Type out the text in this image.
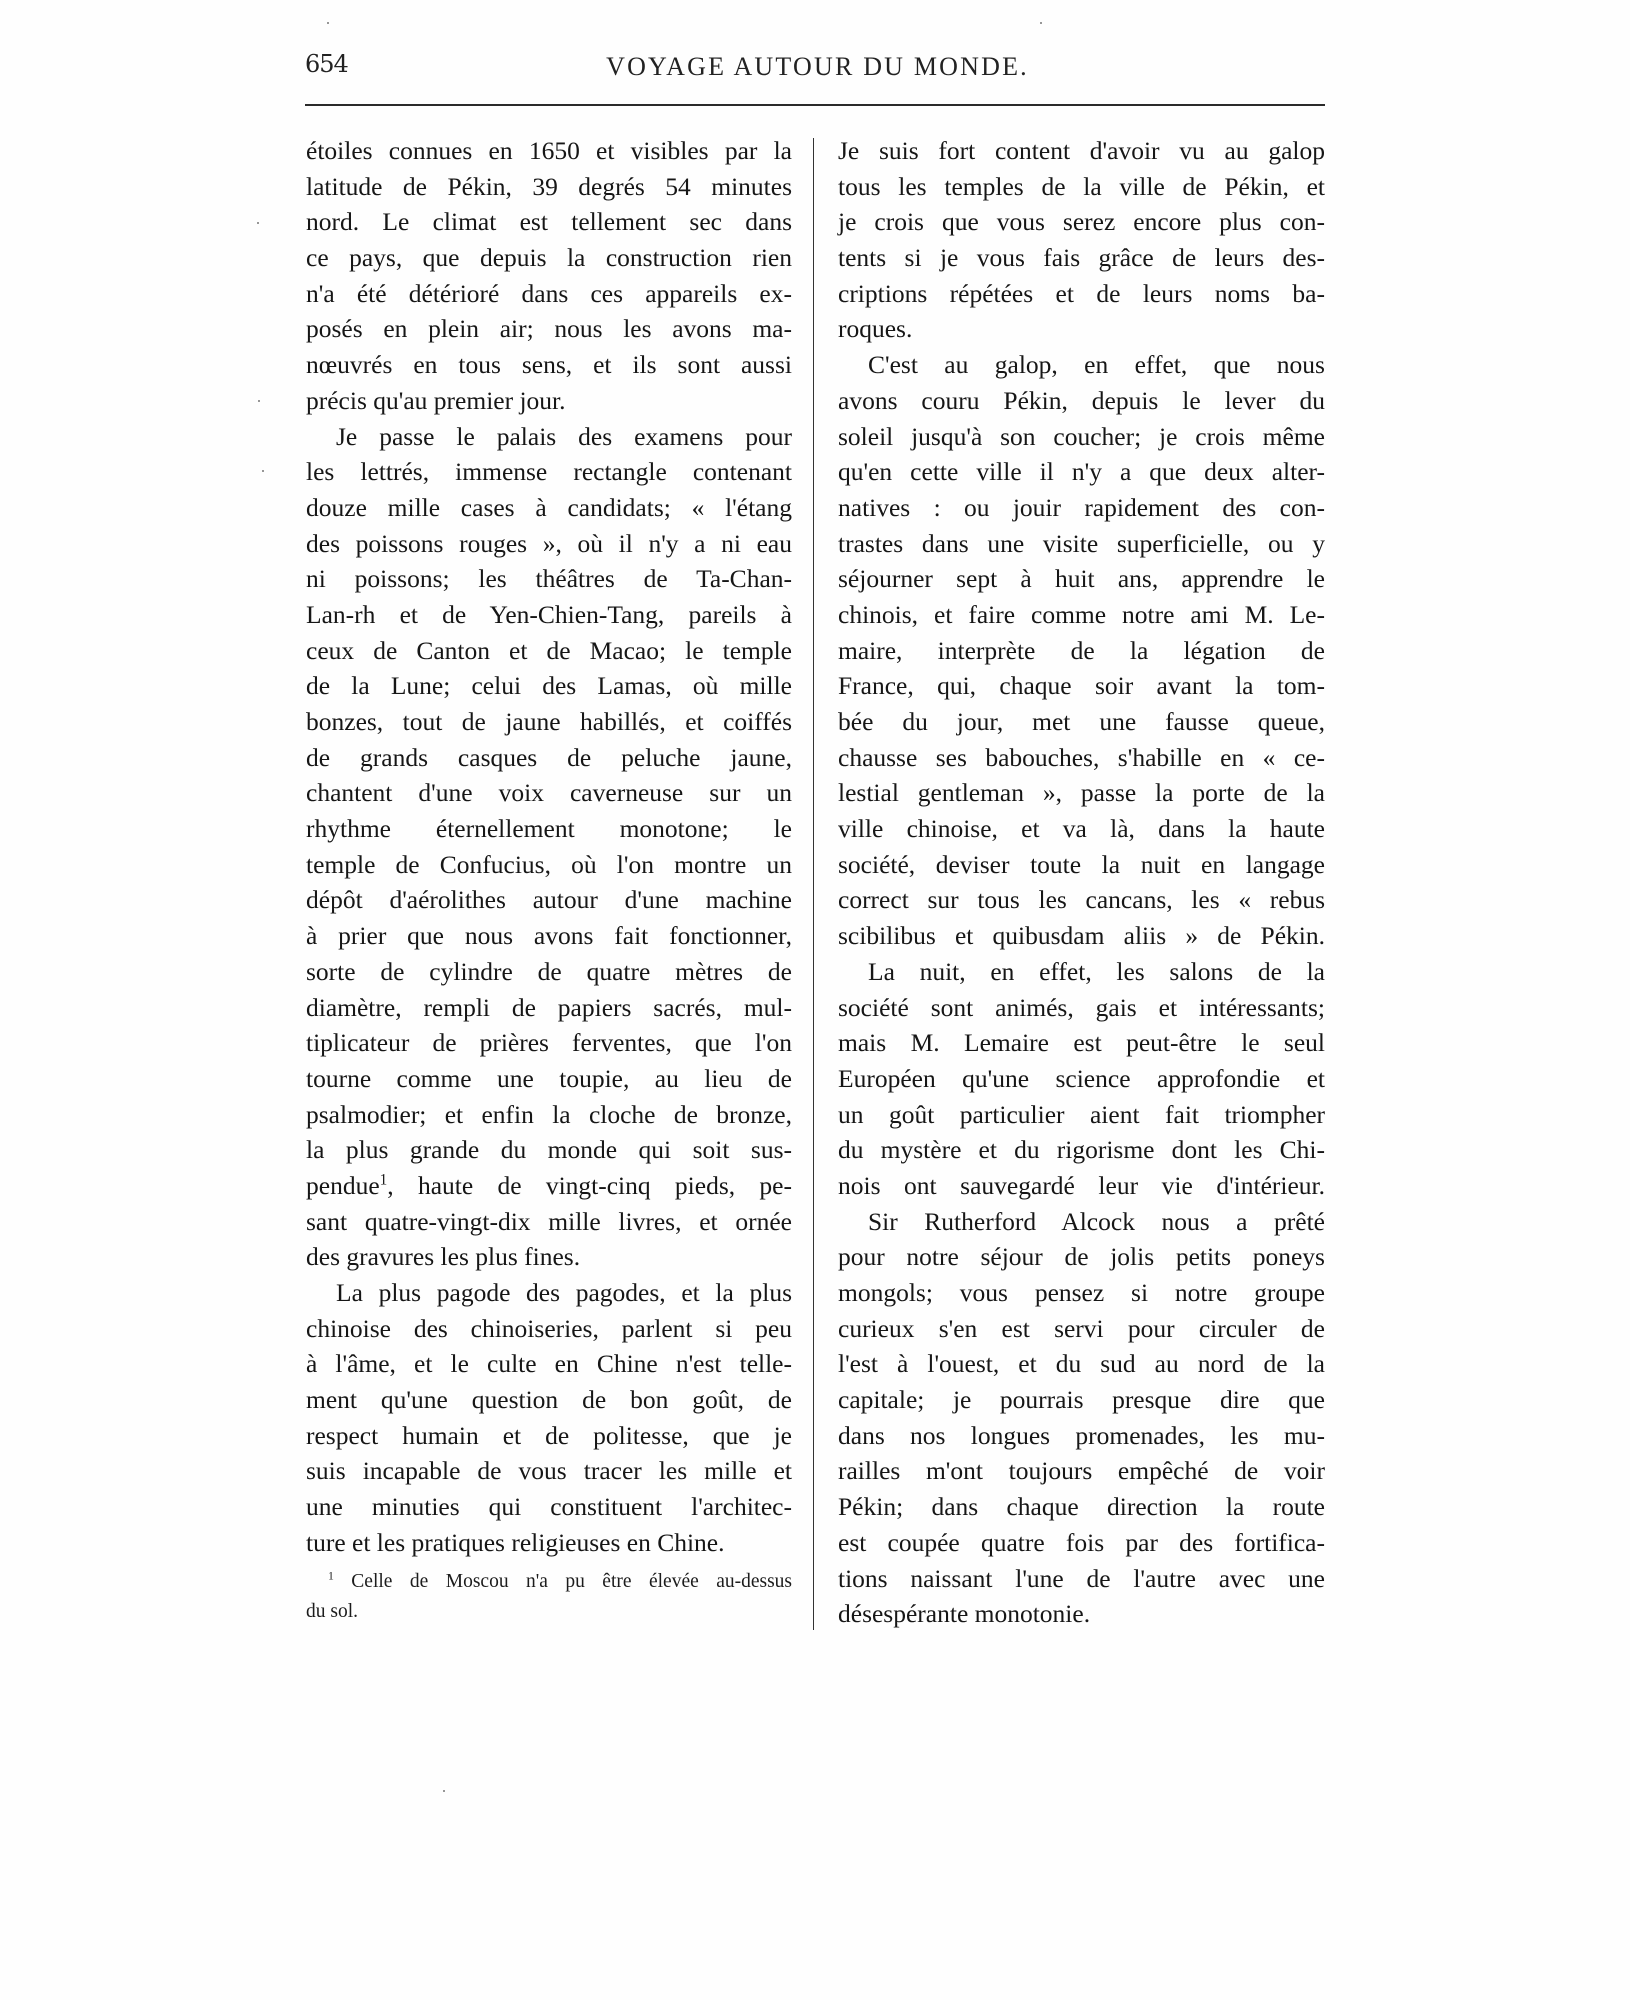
654	VOYAGE AUTOUR DU MONDE.
étoiles connues en 1650 et visibles par la
latitude de Pékin, 39 degrés 54 minutes
nord. Le climat est tellement sec dans
ce pays, que depuis la construction rien
n'a été détérioré dans ces appareils ex-
posés en plein air; nous les avons ma-
nœuvrés en tous sens, et ils sont aussi
précis qu'au premier jour.
Je passe le palais des examens pour
les lettrés, immense rectangle contenant
douze mille cases à candidats; « l'étang
des poissons rouges », où il n'y a ni eau
ni poissons; les théâtres de Ta-Chan-
Lan-rh et de Yen-Chien-Tang, pareils à
ceux de Canton et de Macao; le temple
de la Lune; celui des Lamas, où mille
bonzes, tout de jaune habillés, et coiffés
de grands casques de peluche jaune,
chantent d'une voix caverneuse sur un
rhythme éternellement monotone; le
temple de Confucius, où l'on montre un
dépôt d'aérolithes autour d'une machine
à prier que nous avons fait fonctionner,
sorte de cylindre de quatre mètres de
diamètre, rempli de papiers sacrés, mul-
tiplicateur de prières ferventes, que l'on
tourne comme une toupie, au lieu de
psalmodier; et enfin la cloche de bronze,
la plus grande du monde qui soit sus-
pendue$^1$, haute de vingt-cinq pieds, pe-
sant quatre-vingt-dix mille livres, et ornée
des gravures les plus fines.
La plus pagode des pagodes, et la plus
chinoise des chinoiseries, parlent si peu
à l'âme, et le culte en Chine n'est telle-
ment qu'une question de bon goût, de
respect humain et de politesse, que je
suis incapable de vous tracer les mille et
une minuties qui constituent l'architec-
ture et les pratiques religieuses en Chine.
$^1$ Celle de Moscou n'a pu être élevée au-dessus
du sol.
Je suis fort content d'avoir vu au galop
tous les temples de la ville de Pékin, et
je crois que vous serez encore plus con-
tents si je vous fais grâce de leurs des-
criptions répétées et de leurs noms ba-
roques.
C'est au galop, en effet, que nous
avons couru Pékin, depuis le lever du
soleil jusqu'à son coucher; je crois même
qu'en cette ville il n'y a que deux alter-
natives : ou jouir rapidement des con-
trastes dans une visite superficielle, ou y
séjourner sept à huit ans, apprendre le
chinois, et faire comme notre ami M. Le-
maire, interprète de la légation de
France, qui, chaque soir avant la tom-
bée du jour, met une fausse queue,
chausse ses babouches, s'habille en « ce-
lestial gentleman », passe la porte de la
ville chinoise, et va là, dans la haute
société, deviser toute la nuit en langage
correct sur tous les cancans, les « rebus
scibilibus et quibusdam aliis » de Pékin.
La nuit, en effet, les salons de la
société sont animés, gais et intéressants;
mais M. Lemaire est peut-être le seul
Européen qu'une science approfondie et
un goût particulier aient fait triompher
du mystère et du rigorisme dont les Chi-
nois ont sauvegardé leur vie d'intérieur.
Sir Rutherford Alcock nous a prêté
pour notre séjour de jolis petits poneys
mongols; vous pensez si notre groupe
curieux s'en est servi pour circuler de
l'est à l'ouest, et du sud au nord de la
capitale; je pourrais presque dire que
dans nos longues promenades, les mu-
railles m'ont toujours empêché de voir
Pékin; dans chaque direction la route
est coupée quatre fois par des fortifica-
tions naissant l'une de l'autre avec une
désespérante monotonie.
